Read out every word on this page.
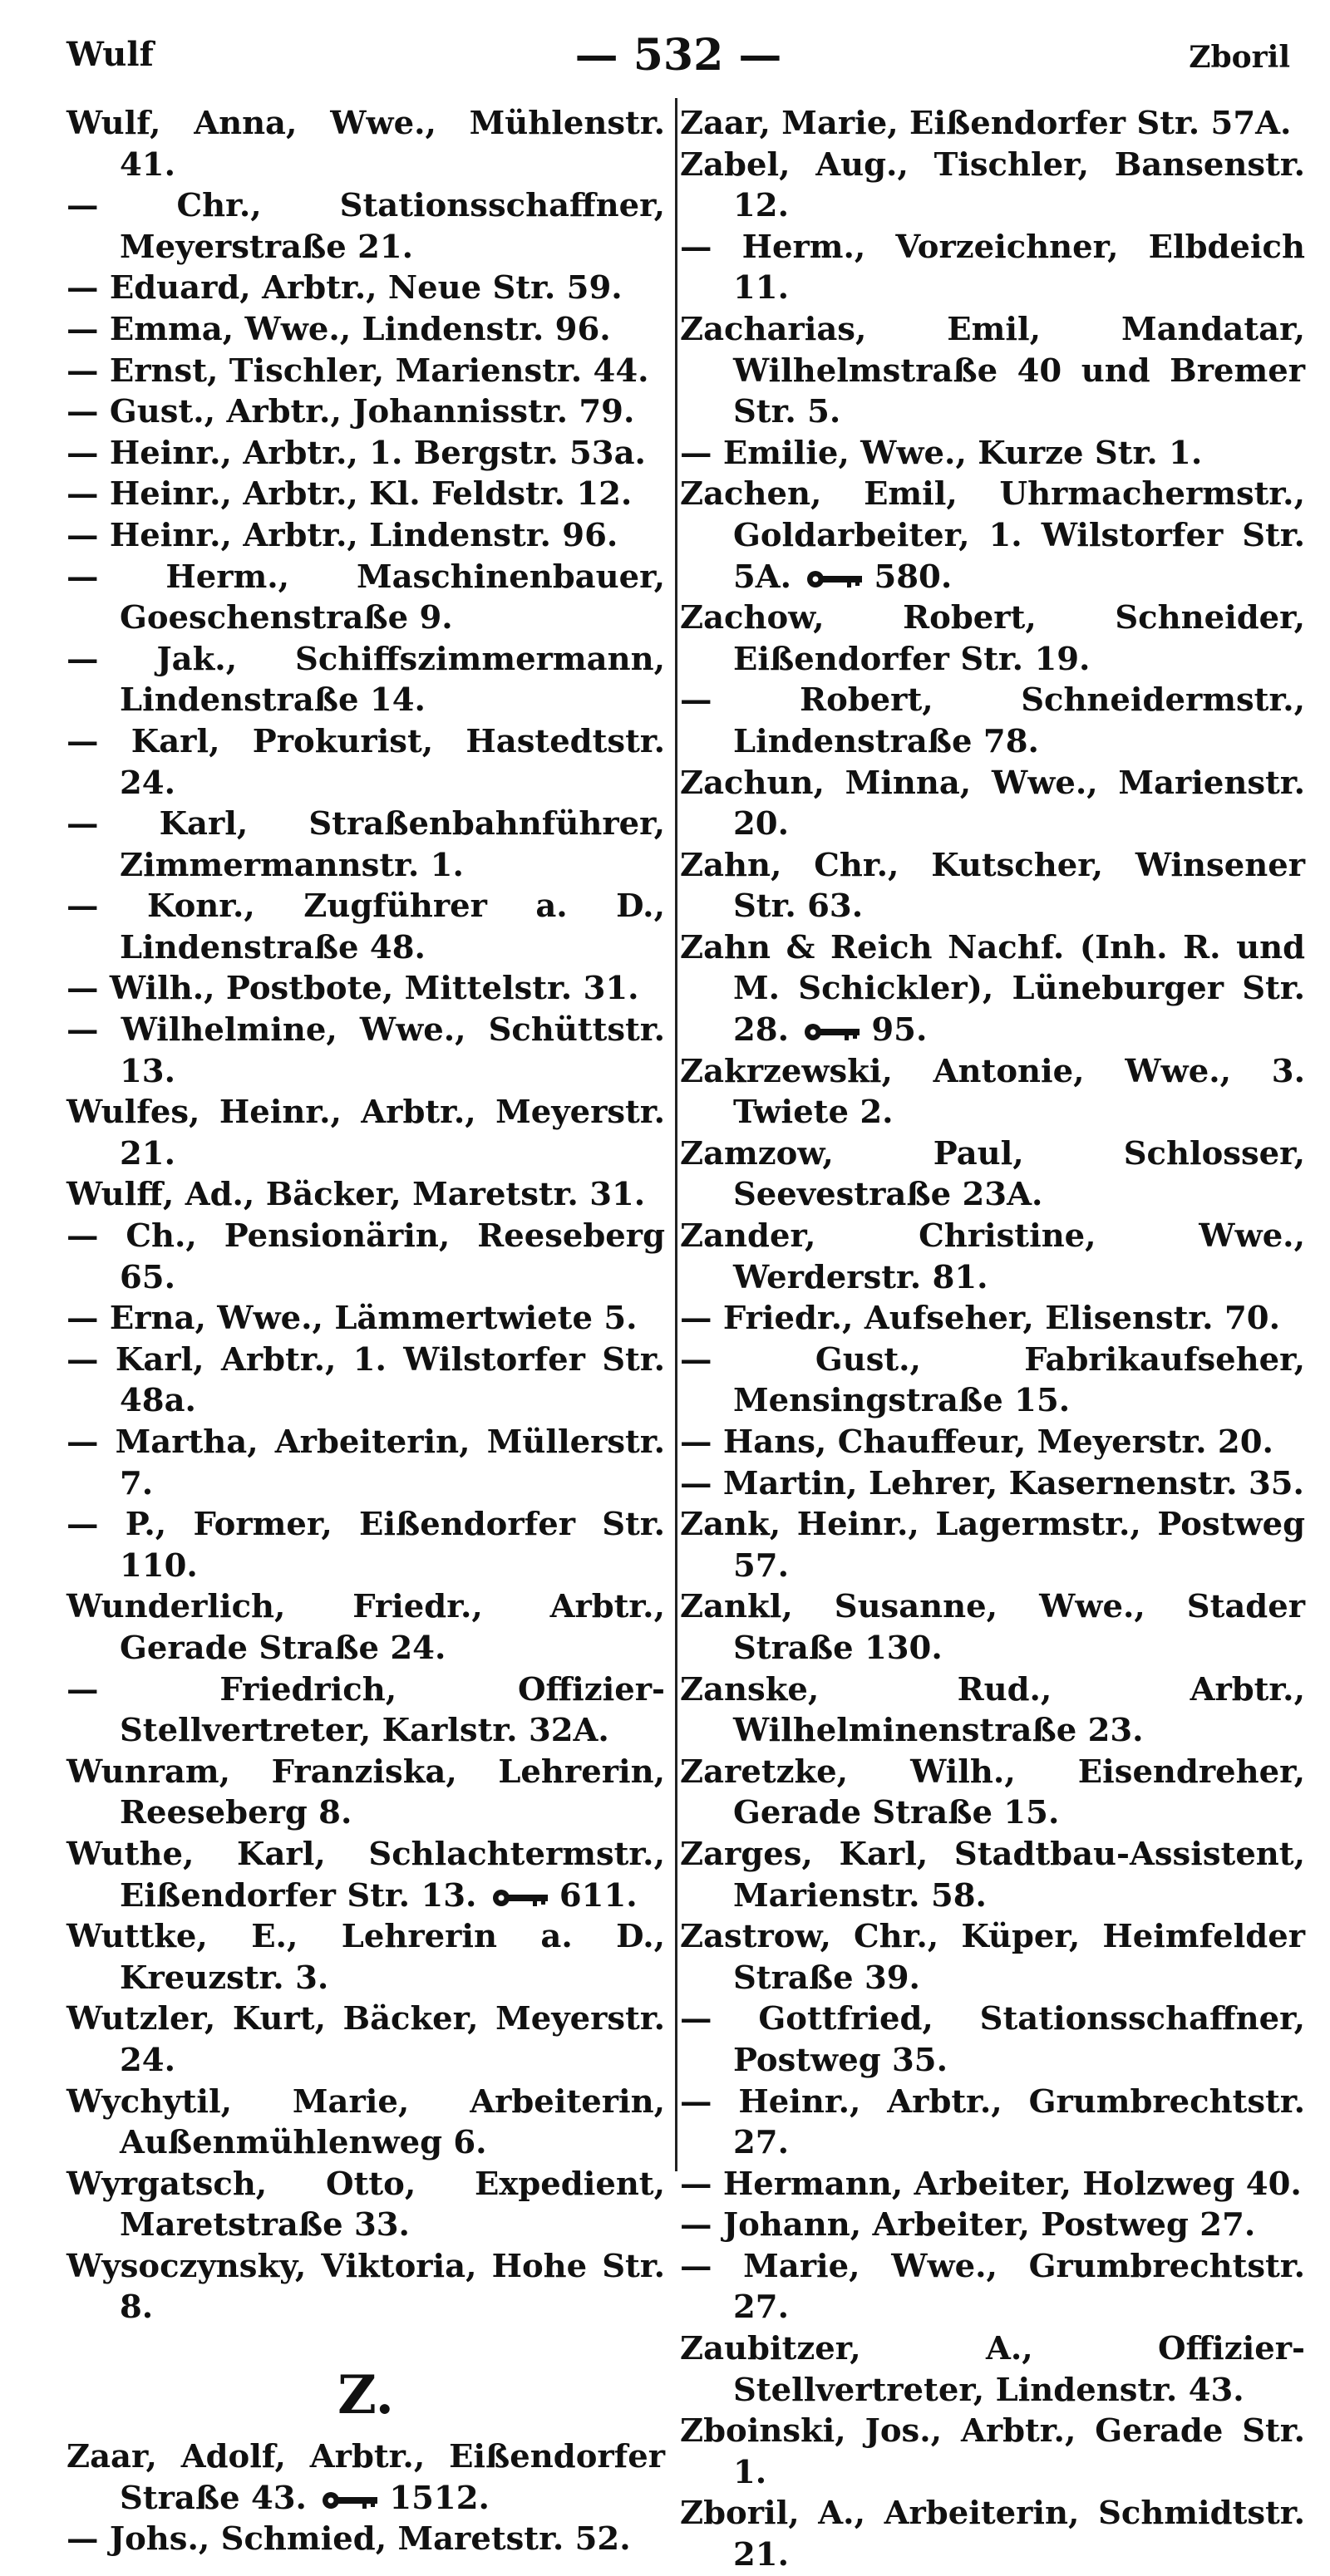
Wulf	— 532 —	Zboril

Wulf, Anna, Wwe., Mühlenstr. 41.

— Chr., Stationsschaffner, Meyerstraße 21.

— Eduard, Arbtr., Neue Str. 59.

— Emma, Wwe., Lindenstr. 96.

— Ernst, Tischler, Marienstr. 44.

— Gust., Arbtr., Johannisstr. 79.

— Heinr., Arbtr., 1. Bergstr. 53a.

— Heinr., Arbtr., Kl. Feldstr. 12.

— Heinr., Arbtr., Lindenstr. 96.

— Herm., Maschinenbauer, Goeschenstraße 9.

— Jak., Schiffszimmermann, Lindenstraße 14.

— Karl, Prokurist, Hastedtstr. 24.

— Karl, Straßenbahnführer, Zimmermannstr. 1.

— Konr., Zugführer a. D., Lindenstraße 48.

— Wilh., Postbote, Mittelstr. 31.

— Wilhelmine, Wwe., Schüttstr. 13.

Wulfes, Heinr., Arbtr., Meyerstr. 21.

Wulff, Ad., Bäcker, Maretstr. 31.

— Ch., Pensionärin, Reeseberg 65.

— Erna, Wwe., Lämmertwiete 5.

— Karl, Arbtr., 1. Wilstorfer Str. 48a.

— Martha, Arbeiterin, Müllerstr. 7.

— P., Former, Eißendorfer Str. 110.

Wunderlich, Friedr., Arbtr., Gerade Straße 24.

— Friedrich, Offizier-Stellvertreter, Karlstr. 32A.

Wunram, Franziska, Lehrerin, Reeseberg 8.

Wuthe, Karl, Schlachtermstr., Eißendorfer Str. 13.	611.

Wuttke, E., Lehrerin a. D., Kreuzstr. 3.

Wutzler, Kurt, Bäcker, Meyerstr. 24.

Wychytil, Marie, Arbeiterin, Außenmühlenweg 6.

Wyrgatsch, Otto, Expedient, Maretstraße 33.

Wysoczynsky, Viktoria, Hohe Str. 8.

Z.

Zaar, Adolf, Arbtr., Eißendorfer Straße 43.	1512.

— Johs., Schmied, Maretstr. 52.

Zaar, Marie, Eißendorfer Str. 57A.

Zabel, Aug., Tischler, Bansenstr. 12.

— Herm., Vorzeichner, Elbdeich 11.

Zacharias, Emil, Mandatar, Wilhelmstraße 40 und Bremer Str. 5.

— Emilie, Wwe., Kurze Str. 1.

Zachen, Emil, Uhrmachermstr., Goldarbeiter, 1. Wilstorfer Str. 5A.	580.

Zachow, Robert, Schneider, Eißendorfer Str. 19.

— Robert, Schneidermstr., Lindenstraße 78.

Zachun, Minna, Wwe., Marienstr. 20.

Zahn, Chr., Kutscher, Winsener Str. 63.

Zahn & Reich Nachf. (Inh. R. und M. Schickler), Lüneburger Str. 28.	95.

Zakrzewski, Antonie, Wwe., 3. Twiete 2.

Zamzow, Paul, Schlosser, Seevestraße 23A.

Zander, Christine, Wwe., Werderstr. 81.

— Friedr., Aufseher, Elisenstr. 70.

— Gust., Fabrikaufseher, Mensingstraße 15.

— Hans, Chauffeur, Meyerstr. 20.

— Martin, Lehrer, Kasernenstr. 35.

Zank, Heinr., Lagermstr., Postweg 57.

Zankl, Susanne, Wwe., Stader Straße 130.

Zanske, Rud., Arbtr., Wilhelminenstraße 23.

Zaretzke, Wilh., Eisendreher, Gerade Straße 15.

Zarges, Karl, Stadtbau-Assistent, Marienstr. 58.

Zastrow, Chr., Küper, Heimfelder Straße 39.

— Gottfried, Stationsschaffner, Postweg 35.

— Heinr., Arbtr., Grumbrechtstr. 27.

— Hermann, Arbeiter, Holzweg 40.

— Johann, Arbeiter, Postweg 27.

— Marie, Wwe., Grumbrechtstr. 27.

Zaubitzer, A., Offizier-Stellvertreter, Lindenstr. 43.

Zboinski, Jos., Arbtr., Gerade Str. 1.

Zboril, A., Arbeiterin, Schmidtstr. 21.
